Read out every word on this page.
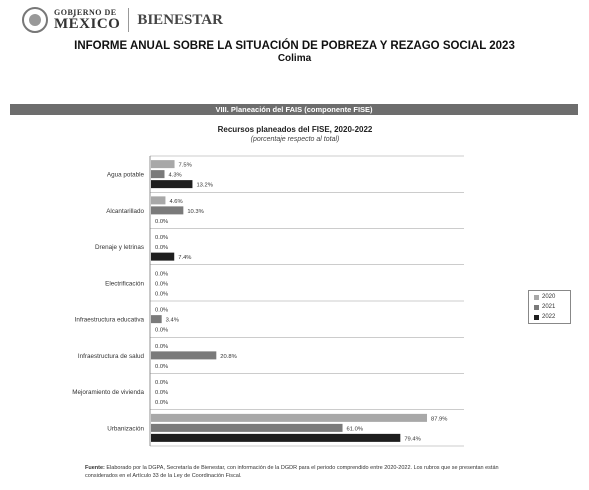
GOBIERNO DE
MÉXICO BIENESTAR
INFORME ANUAL SOBRE LA SITUACIÓN DE POBREZA Y REZAGO SOCIAL 2023
Colima
VIII. Planeación del FAIS (componente FISE)
Recursos planeados del FISE, 2020-2022
(porcentaje respecto al total)
Agua potable
7.5%
4.3%
13.2%
Alcantarillado
4.6%
10.3%
0.0%
Drenaje y letrinas
0.0%
0.0%
7.4%
Electrificación
0.0%
0.0%
0.0%
Infraestructura educativa
0.0%
3.4%
0.0%
Infraestructura de salud
0.0%
20.8%
0.0%
Mejoramiento de vivienda
0.0%
0.0%
0.0%
Urbanización
87.9%
61.0%
79.4%
2020
2021
2022
Fuente: Elaborado por la DGPA, Secretaría de Bienestar, con información de la DGDR para el periodo comprendido entre 2020-2022. Los rubros que se presentan están considerados en el Artículo 33 de la Ley de Coordinación Fiscal.
